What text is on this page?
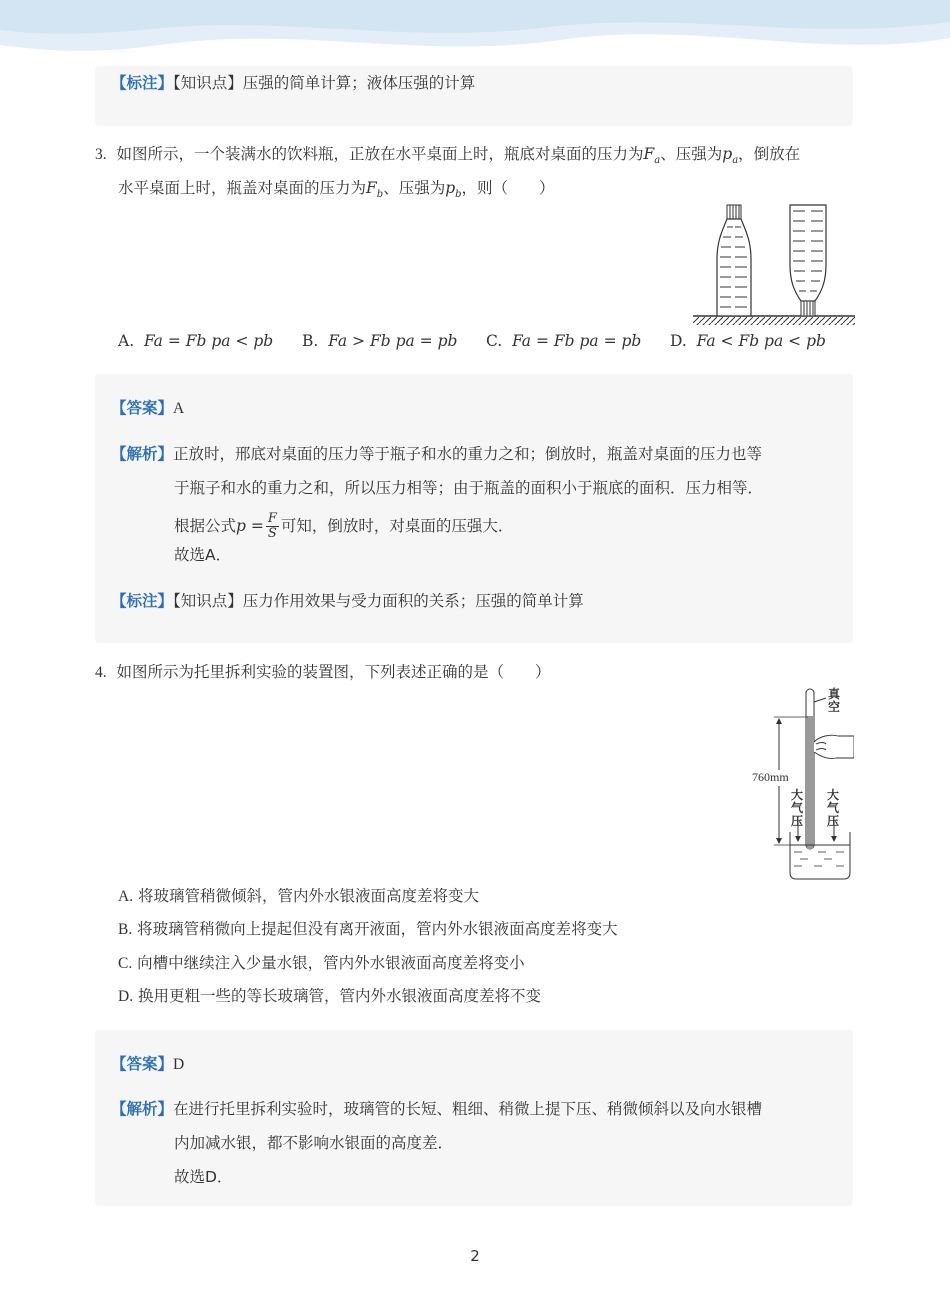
【标注】【知识点】压强的简单计算；液体压强的计算
3. 如图所示，一个装满水的饮料瓶，正放在水平桌面上时，瓶底对桌面的压力为$F_a$、压强为$p_a$，倒放在
水平桌面上时，瓶盖对桌面的压力为$F_b$、压强为$p_b$，则（　　）
A. Fa = Fb pa < pb B. Fa > Fb pa = pb C. Fa = Fb pa = pb D. Fa < Fb pa < pb
【答案】A
【解析】正放时，邢底对桌面的压力等于瓶子和水的重力之和；倒放时，瓶盖对桌面的压力也等
于瓶子和水的重力之和，所以压力相等；由于瓶盖的面积小于瓶底的面积．压力相等．
根据公式$p = \frac{F}{S}$ 可知，倒放时，对桌面的压强大．
故选A．
【标注】【知识点】压力作用效果与受力面积的关系；压强的简单计算
4. 如图所示为托里拆利实验的装置图，下列表述正确的是（　　）
真空
760mm
大气压
大气压
A. 将玻璃管稍微倾斜，管内外水银液面高度差将变大
B. 将玻璃管稍微向上提起但没有离开液面，管内外水银液面高度差将变大
C. 向槽中继续注入少量水银，管内外水银液面高度差将变小
D. 换用更粗一些的等长玻璃管，管内外水银液面高度差将不变
【答案】D
【解析】在进行托里拆利实验时，玻璃管的长短、粗细、稍微上提下压、稍微倾斜以及向水银槽
内加减水银，都不影响水银面的高度差．
故选D．
2
